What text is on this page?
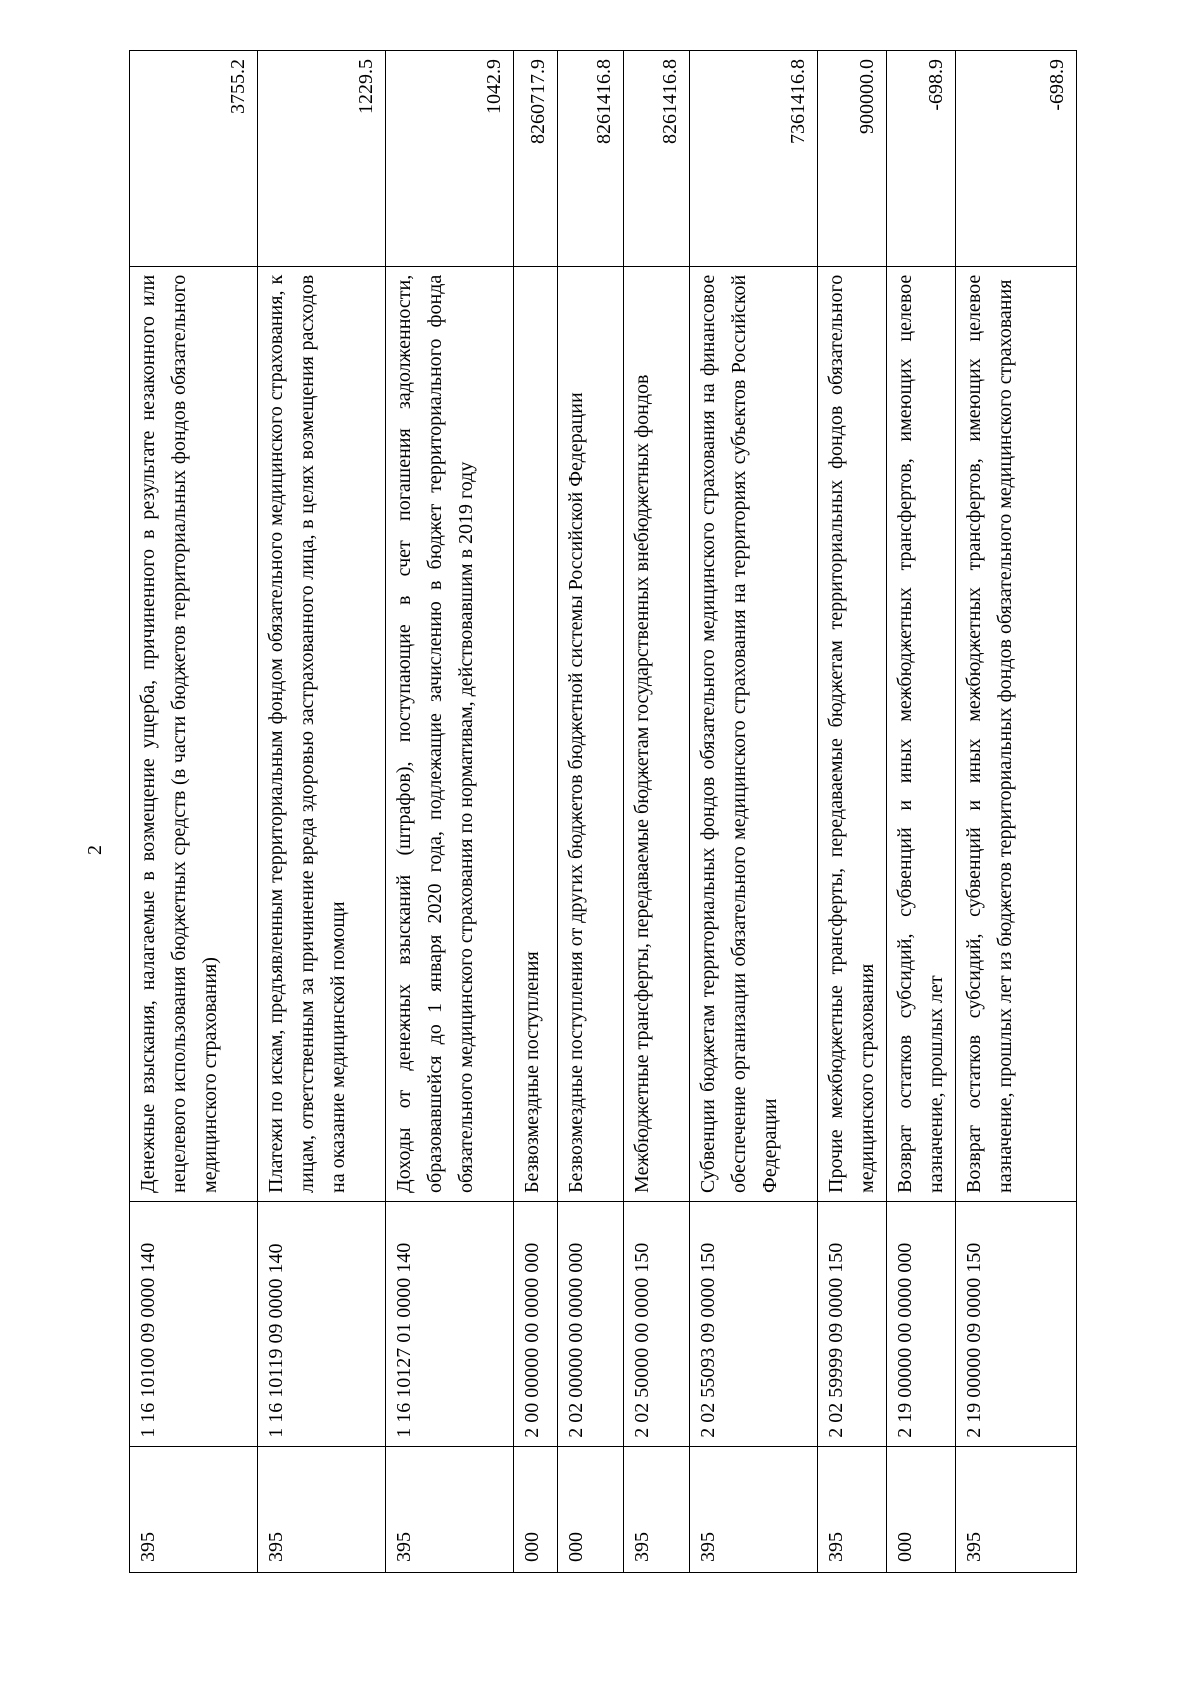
2
395	1 16 10100 09 0000 140	Денежные взыскания, налагаемые в возмещение ущерба, причиненного в результате незаконного или нецелевого использования бюджетных средств (в части бюджетов территориальных фондов обязательного медицинского страхования)	3755.2
395	1 16 10119 09 0000 140	Платежи по искам, предъявленным территориальным фондом обязательного медицинского страхования, к лицам, ответственным за причинение вреда здоровью застрахованного лица, в целях возмещения расходов на оказание медицинской помощи	1229.5
395	1 16 10127 01 0000 140	Доходы от денежных взысканий (штрафов), поступающие в счет погашения задолженности, образовавшейся до 1 января 2020 года, подлежащие зачислению в бюджет территориального фонда обязательного медицинского страхования по нормативам, действовавшим в 2019 году	1042.9
000	2 00 00000 00 0000 000	Безвозмездные поступления	8260717.9
000	2 02 00000 00 0000 000	Безвозмездные поступления от других бюджетов бюджетной системы Российской Федерации	8261416.8
395	2 02 50000 00 0000 150	Межбюджетные трансферты, передаваемые бюджетам государственных внебюджетных фондов	8261416.8
395	2 02 55093 09 0000 150	Субвенции бюджетам территориальных фондов обязательного медицинского страхования на финансовое обеспечение организации обязательного медицинского страхования на территориях субъектов Российской Федерации	7361416.8
395	2 02 59999 09 0000 150	Прочие межбюджетные трансферты, передаваемые бюджетам территориальных фондов обязательного медицинского страхования	900000.0
000	2 19 00000 00 0000 000	Возврат остатков субсидий, субвенций и иных межбюджетных трансфертов, имеющих целевое назначение, прошлых лет	-698.9
395	2 19 00000 09 0000 150	Возврат остатков субсидий, субвенций и иных межбюджетных трансфертов, имеющих целевое назначение, прошлых лет из бюджетов территориальных фондов обязательного медицинского страхования	-698.9
